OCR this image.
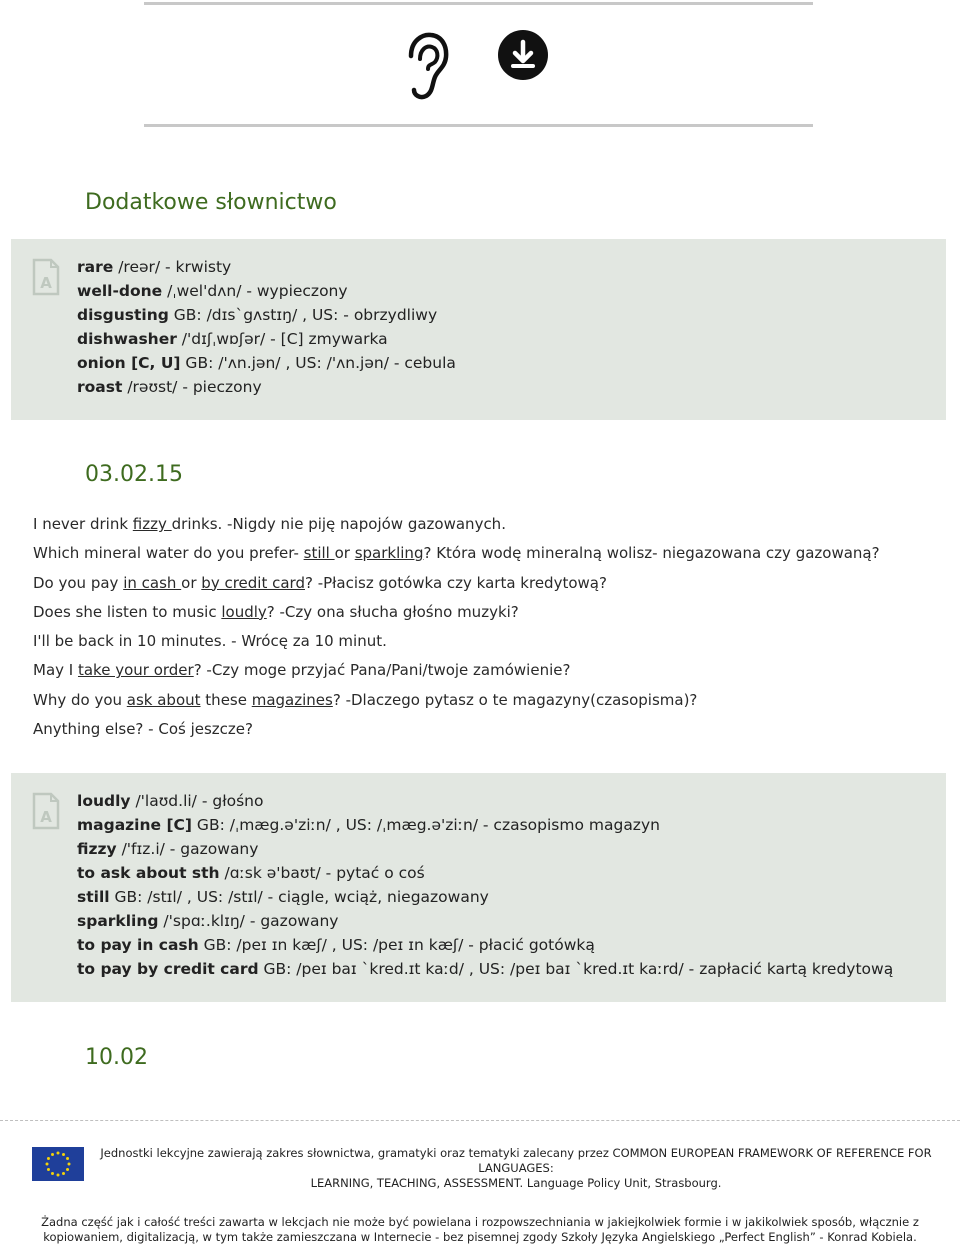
Dodatkowe słownictwo
A
rare /reər/ - krwisty
well-done /ˌwel'dʌn/ - wypieczony
disgusting GB: /dɪs`gʌstɪŋ/ , US: - obrzydliwy
dishwasher /'dɪʃˌwɒʃər/ - [C] zmywarka
onion [C, U] GB: /'ʌn.jən/ , US: /'ʌn.jən/ - cebula
roast /rəʊst/ - pieczony
03.02.15
I never drink fizzy drinks. -Nigdy nie piję napojów gazowanych.
Which mineral water do you prefer- still or sparkling? Która wodę mineralną wolisz- niegazowana czy gazowaną?
Do you pay in cash or by credit card? -Płacisz gotówka czy karta kredytową?
Does she listen to music loudly? -Czy ona słucha głośno muzyki?
I'll be back in 10 minutes. - Wrócę za 10 minut.
May I take your order? -Czy moge przyjać Pana/Pani/twoje zamówienie?
Why do you ask about these magazines? -Dlaczego pytasz o te magazyny(czasopisma)?
Anything else? - Coś jeszcze?
A
loudly /'laʊd.li/ - głośno
magazine [C] GB: /ˌmæg.ə'ziːn/ , US: /ˌmæg.ə'ziːn/ - czasopismo magazyn
fizzy /'fɪz.i/ - gazowany
to ask about sth /ɑːsk ə'baʊt/ - pytać o coś
still GB: /stɪl/ , US: /stɪl/ - ciągle, wciąż, niegazowany
sparkling /'spɑː.klɪŋ/ - gazowany
to pay in cash GB: /peɪ ɪn kæʃ/ , US: /peɪ ɪn kæʃ/ - płacić gotówką
to pay by credit card GB: /peɪ baɪ `kred.ɪt kaːd/ , US: /peɪ baɪ `kred.ɪt kaːrd/ - zapłacić kartą kredytową
10.02
Jednostki lekcyjne zawierają zakres słownictwa, gramatyki oraz tematyki zalecany przez COMMON EUROPEAN FRAMEWORK OF REFERENCE FOR LANGUAGES:
LEARNING, TEACHING, ASSESSMENT. Language Policy Unit, Strasbourg.
Żadna część jak i całość treści zawarta w lekcjach nie może być powielana i rozpowszechniania w jakiejkolwiek formie i w jakikolwiek sposób, włącznie z
kopiowaniem, digitalizacją, w tym także zamieszczana w Internecie - bez pisemnej zgody Szkoły Języka Angielskiego „Perfect English” - Konrad Kobiela.
